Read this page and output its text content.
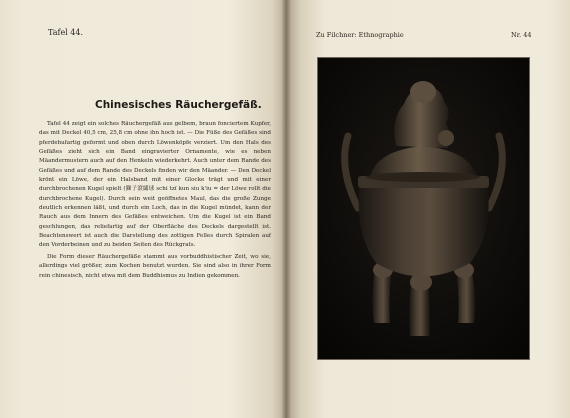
Tafel 44.
Chinesisches Räuchergefäß.

Tafel 44 zeigt ein solches Räuchergefäß aus gelbem, braun fonciertem Kupfer, das mit Deckel 40,5 cm, 25,8 cm ohne ihn hoch ist. — Die Füße des Gefäßes sind pferdehufartig geformt und oben durch Löwenköpfe verziert. Um den Hals des Gefäßes zieht sich ein Band eingravierter Ornamente, wie es neben Mäandermustern auch auf den Henkeln wiederkehrt. Auch unter dem Rande des Gefäßes und auf dem Rande des Deckels finden wir den Mäander. — Den Deckel krönt ein Löwe, der ein Halsband mit einer Glocke trägt und mit einer durchbrochenen Kugel spielt (獅子滾繡球 schi tzï kun siu k'iu = der Löwe rollt die durchbrochene Kugel). Durch sein weit geöffnetes Maul, das die große Zunge deutlich erkennen läßt, und durch ein Loch, das in die Kugel mündet, kann der Rauch aus dem Innern des Gefäßes entweichen. Um die Kugel ist ein Band geschlungen, das reliefartig auf der Oberfläche des Deckels dargestellt ist. Beachtenswert ist auch die Darstellung des zottigen Felles durch Spiralen auf den Vorderbeinen und zu beiden Seiten des Rückgrats.

Die Form dieser Räuchergefäße stammt aus vorbuddhistischer Zeit, wo sie, allerdings viel größer, zum Kochen benutzt wurden. Sie sind also in ihrer Form rein chinesisch, nicht etwa mit dem Buddhismus zu Indien gekommen.

Zu Filchner: Ethnographie	Nr. 44
